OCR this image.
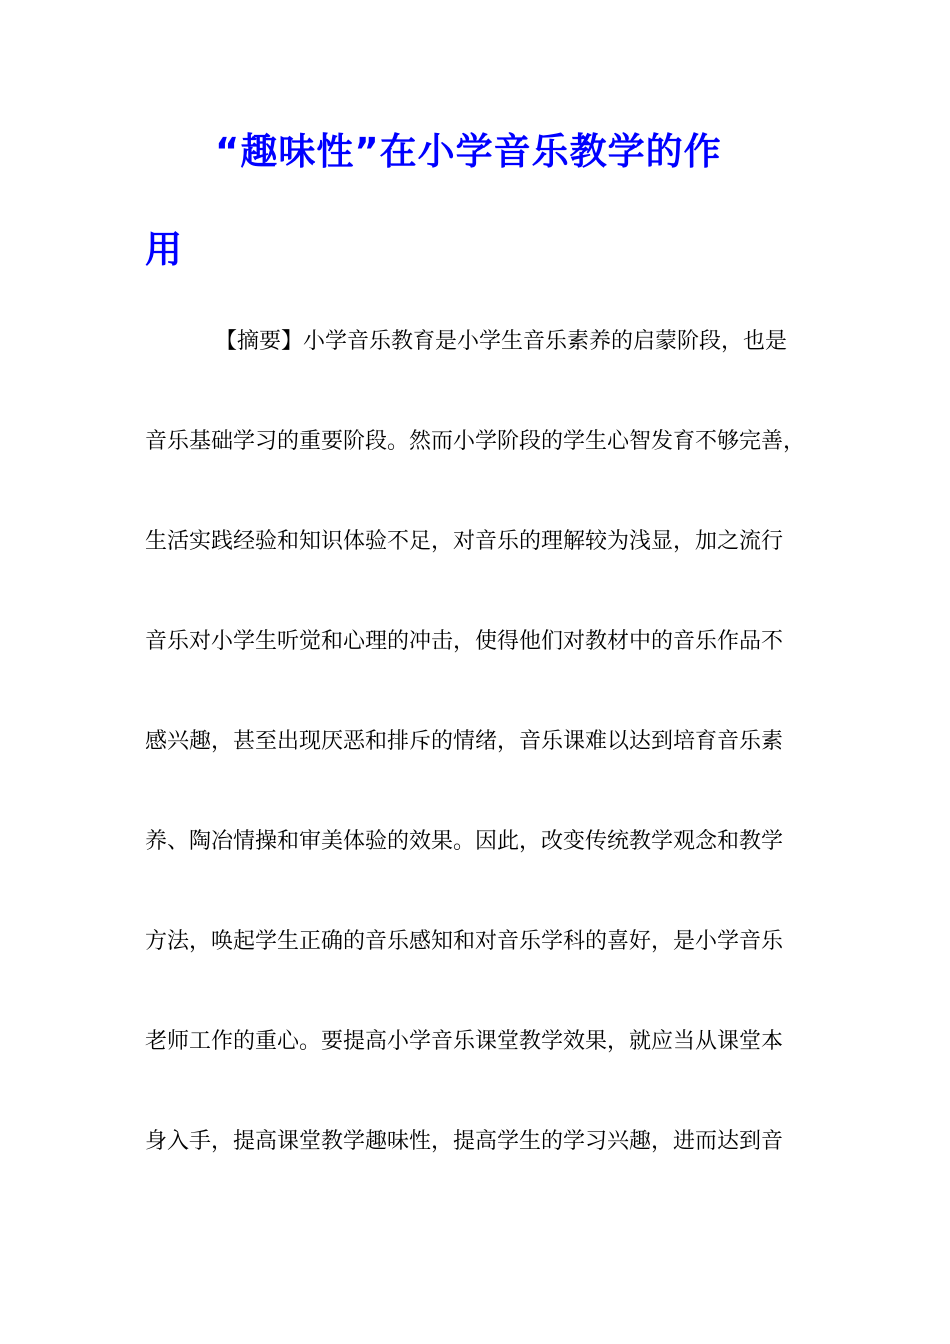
“趣味性”在小学音乐教学的作
用

【摘要】小学音乐教育是小学生音乐素养的启蒙阶段，也是

音乐基础学习的重要阶段。然而小学阶段的学生心智发育不够完善，

生活实践经验和知识体验不足，对音乐的理解较为浅显，加之流行

音乐对小学生听觉和心理的冲击，使得他们对教材中的音乐作品不

感兴趣，甚至出现厌恶和排斥的情绪，音乐课难以达到培育音乐素

养、陶冶情操和审美体验的效果。因此，改变传统教学观念和教学

方法，唤起学生正确的音乐感知和对音乐学科的喜好，是小学音乐

老师工作的重心。要提高小学音乐课堂教学效果，就应当从课堂本

身入手，提高课堂教学趣味性，提高学生的学习兴趣，进而达到音
